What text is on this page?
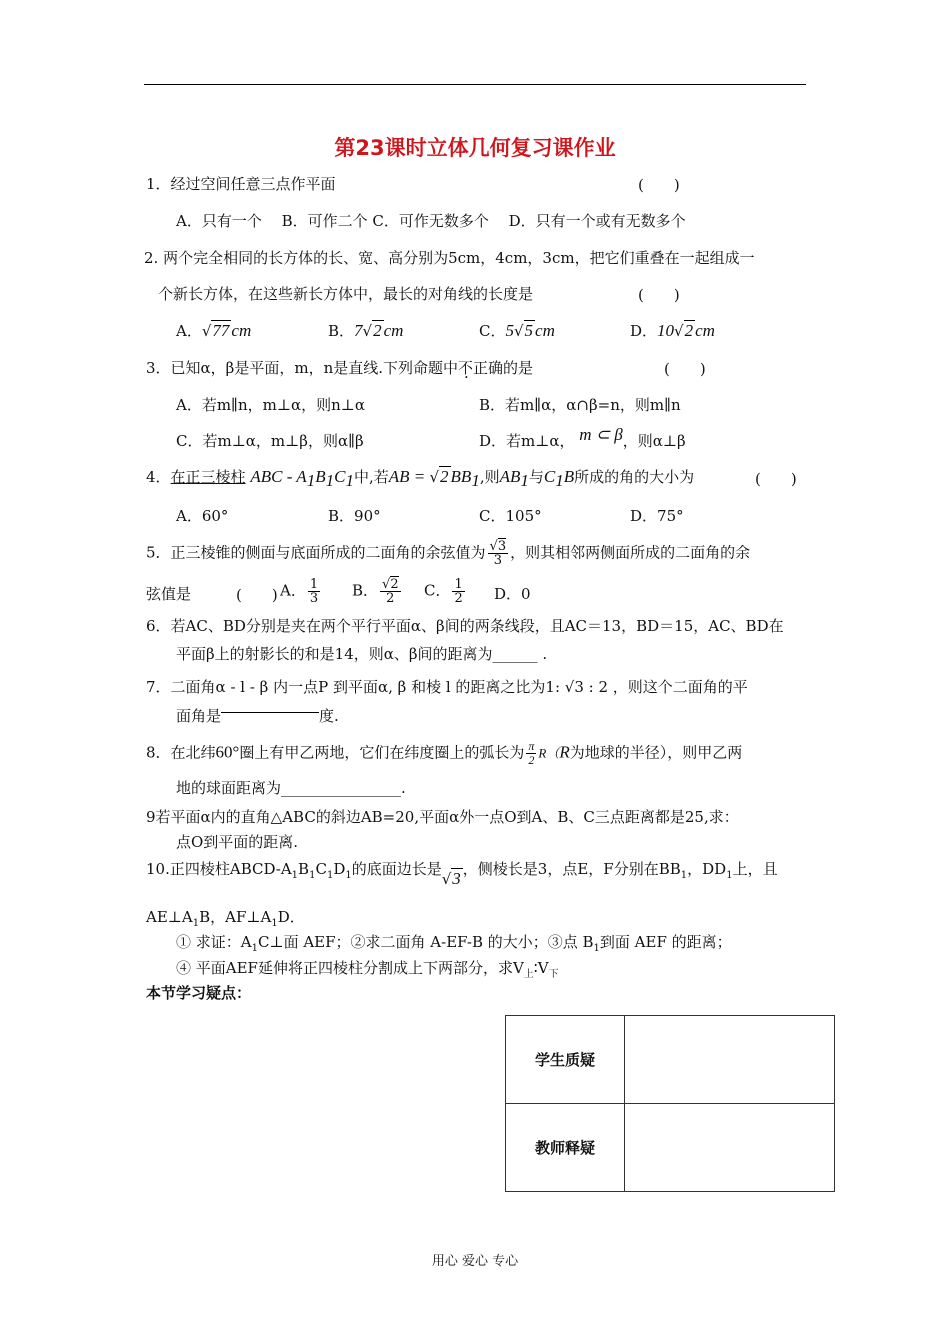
第23课时立体几何复习课作业
1．经过空间任意三点作平面	(　　)
A．只有一个　 B．可作二个 C．可作无数多个　 D．只有一个或有无数多个
2. 两个完全相同的长方体的长、宽、高分别为5cm，4cm，3cm，把它们重叠在一起组成一
个新长方体，在这些新长方体中，最长的对角线的长度是	(　　)
A．√77 cm	B．7√2 cm	C．5√5 cm	D．10√2 cm
3．已知α，β是平面，m，n是直线.下列命题中不正确的是	(　　)
A．若m∥n，m⊥α，则n⊥α	B．若m∥α，α∩β=n，则m∥n
C．若m⊥α，m⊥β，则α∥β	D．若m⊥α， m ⊂ β，则α⊥β
4．在正三棱柱 ABC - $A_1B_1C_1$中,若AB = √2 $BB_1$,则$AB_1$与$C_1B$所成的角的大小为	(　　)
A．60°	B．90°	C．105°	D．75°
5．正三棱锥的侧面与底面所成的二面角的余弦值为 $\frac{√3}{3}$ ，则其相邻两侧面所成的二面角的余
弦值是	(　　) A． $\frac{1}{3}$ B． $\frac{√2}{2}$ C． $\frac{1}{2}$ D．0
6．若AC、BD分别是夹在两个平行平面α、β间的两条线段，且AC＝13，BD＝15，AC、BD在
平面β上的射影长的和是14，则α、β间的距离为______ .
7．二面角α - l - β 内一点P 到平面α, β 和棱 l 的距离之比为1: √3 : 2 ，则这个二面角的平
面角是	度.
8．在北纬60°圈上有甲乙两地，它们在纬度圈上的弧长为 $\frac{\pi}{2} R(R$为地球的半径），则甲乙两
地的球面距离为________________.
9若平面α内的直角△ABC的斜边AB=20,平面α外一点O到A、B、C三点距离都是25,求：
点O到平面的距离.
10.正四棱柱ABCD-$A_1B_1C_1D_1$的底面边长是√3 ，侧棱长是3，点E，F分别在$BB_1$，$DD_1$上，且
$AE\perp A_1B$，$AF\perp A_1D$．
① 求证：$A_1C\perp$面 AEF；②求二面角 A-EF-B 的大小；③点 $B_1$到面 AEF 的距离；
④ 平面AEF延伸将正四棱柱分割成上下两部分，求$V_上∶V_下$
本节学习疑点：
学生质疑	
教师释疑	
用心 爱心 专心
